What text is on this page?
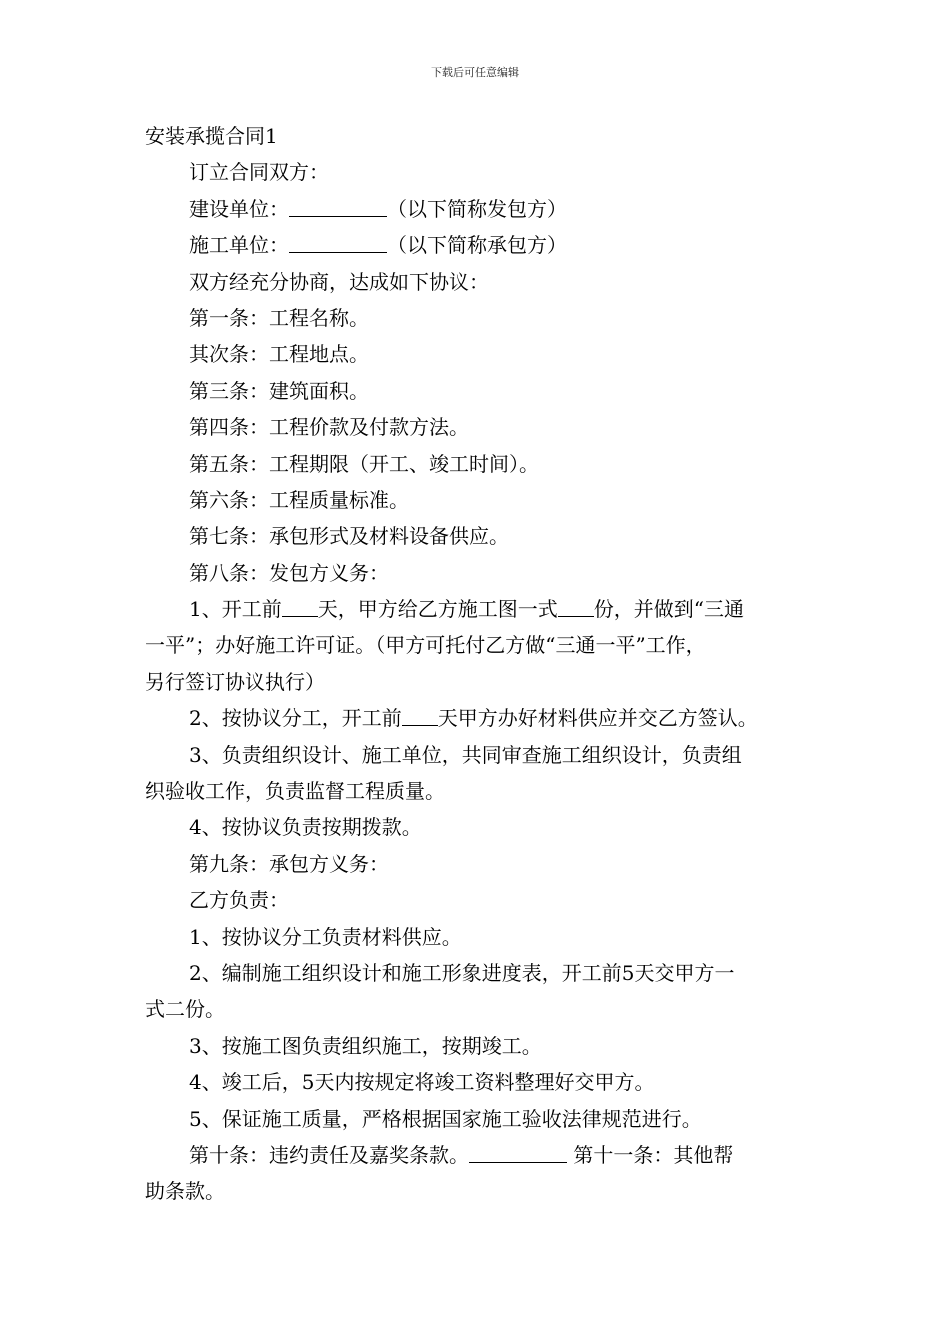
下载后可任意编辑

安装承揽合同1

订立合同双方：

建设单位：	（以下简称发包方）

施工单位：	（以下简称承包方）

双方经充分协商，达成如下协议：

第一条：工程名称。

其次条：工程地点。

第三条：建筑面积。

第四条：工程价款及付款方法。

第五条：工程期限（开工、竣工时间）。

第六条：工程质量标准。

第七条：承包形式及材料设备供应。

第八条：发包方义务：

1、开工前 天，甲方给乙方施工图一式 份，并做到“三通

一平”；办好施工许可证。（甲方可托付乙方做“三通一平”工作，

另行签订协议执行）

2、按协议分工，开工前 天甲方办好材料供应并交乙方签认。

3、负责组织设计、施工单位，共同审查施工组织设计，负责组

织验收工作，负责监督工程质量。

4、按协议负责按期拨款。

第九条：承包方义务：

乙方负责：

1、按协议分工负责材料供应。

2、编制施工组织设计和施工形象进度表，开工前5天交甲方一

式二份。

3、按施工图负责组织施工，按期竣工。

4、竣工后，5天内按规定将竣工资料整理好交甲方。

5、保证施工质量，严格根据国家施工验收法律规范进行。

第十条：违约责任及嘉奖条款。	第十一条：其他帮

助条款。
